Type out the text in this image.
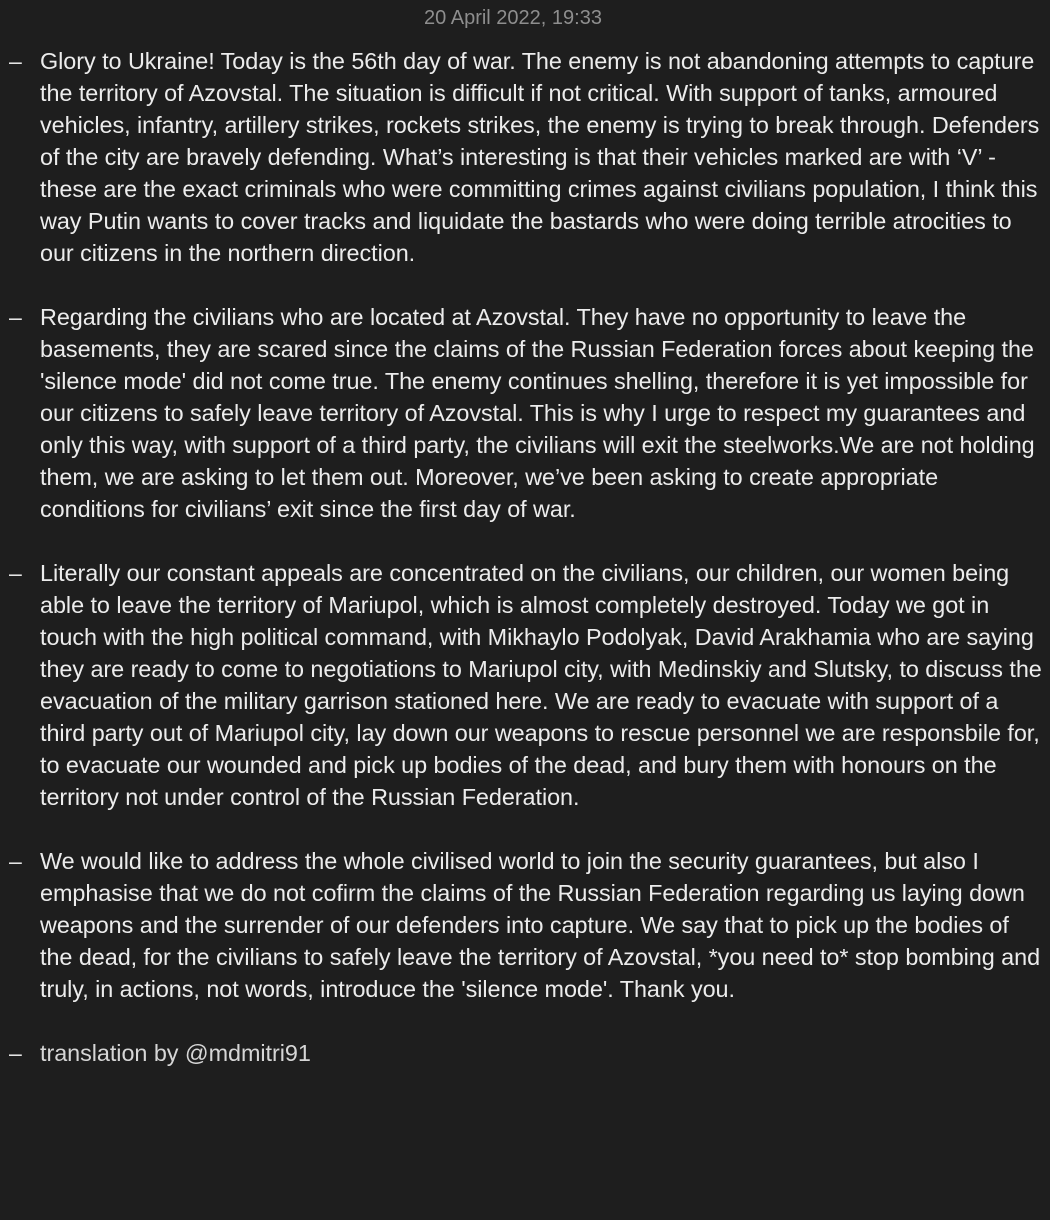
20 April 2022, 19:33
– Glory to Ukraine! Today is the 56th day of war. The enemy is not abandoning attempts to capture the territory of Azovstal. The situation is difficult if not critical. With support of tanks, armoured vehicles, infantry, artillery strikes, rockets strikes, the enemy is trying to break through. Defenders of the city are bravely defending. What’s interesting is that their vehicles marked are with ‘V’ - these are the exact criminals who were committing crimes against civilians population, I think this way Putin wants to cover tracks and liquidate the bastards who were doing terrible atrocities to our citizens in the northern direction.

– Regarding the civilians who are located at Azovstal. They have no opportunity to leave the basements, they are scared since the claims of the Russian Federation forces about keeping the 'silence mode' did not come true. The enemy continues shelling, therefore it is yet impossible for our citizens to safely leave territory of Azovstal. This is why I urge to respect my guarantees and only this way, with support of a third party, the civilians will exit the steelworks.We are not holding them, we are asking to let them out. Moreover, we’ve been asking to create appropriate conditions for civilians’ exit since the first day of war.

– Literally our constant appeals are concentrated on the civilians, our children, our women being able to leave the territory of Mariupol, which is almost completely destroyed. Today we got in touch with the high political command, with Mikhaylo Podolyak, David Arakhamia who are saying they are ready to come to negotiations to Mariupol city, with Medinskiy and Slutsky, to discuss the evacuation of the military garrison stationed here. We are ready to evacuate with support of a third party out of Mariupol city, lay down our weapons to rescue personnel we are responsbile for, to evacuate our wounded and pick up bodies of the dead, and bury them with honours on the territory not under control of the Russian Federation.

– We would like to address the whole civilised world to join the security guarantees, but also I emphasise that we do not cofirm the claims of the Russian Federation regarding us laying down weapons and the surrender of our defenders into capture. We say that to pick up the bodies of the dead, for the civilians to safely leave the territory of Azovstal, *you need to* stop bombing and truly, in actions, not words, introduce the 'silence mode'. Thank you.

– translation by @mdmitri91
